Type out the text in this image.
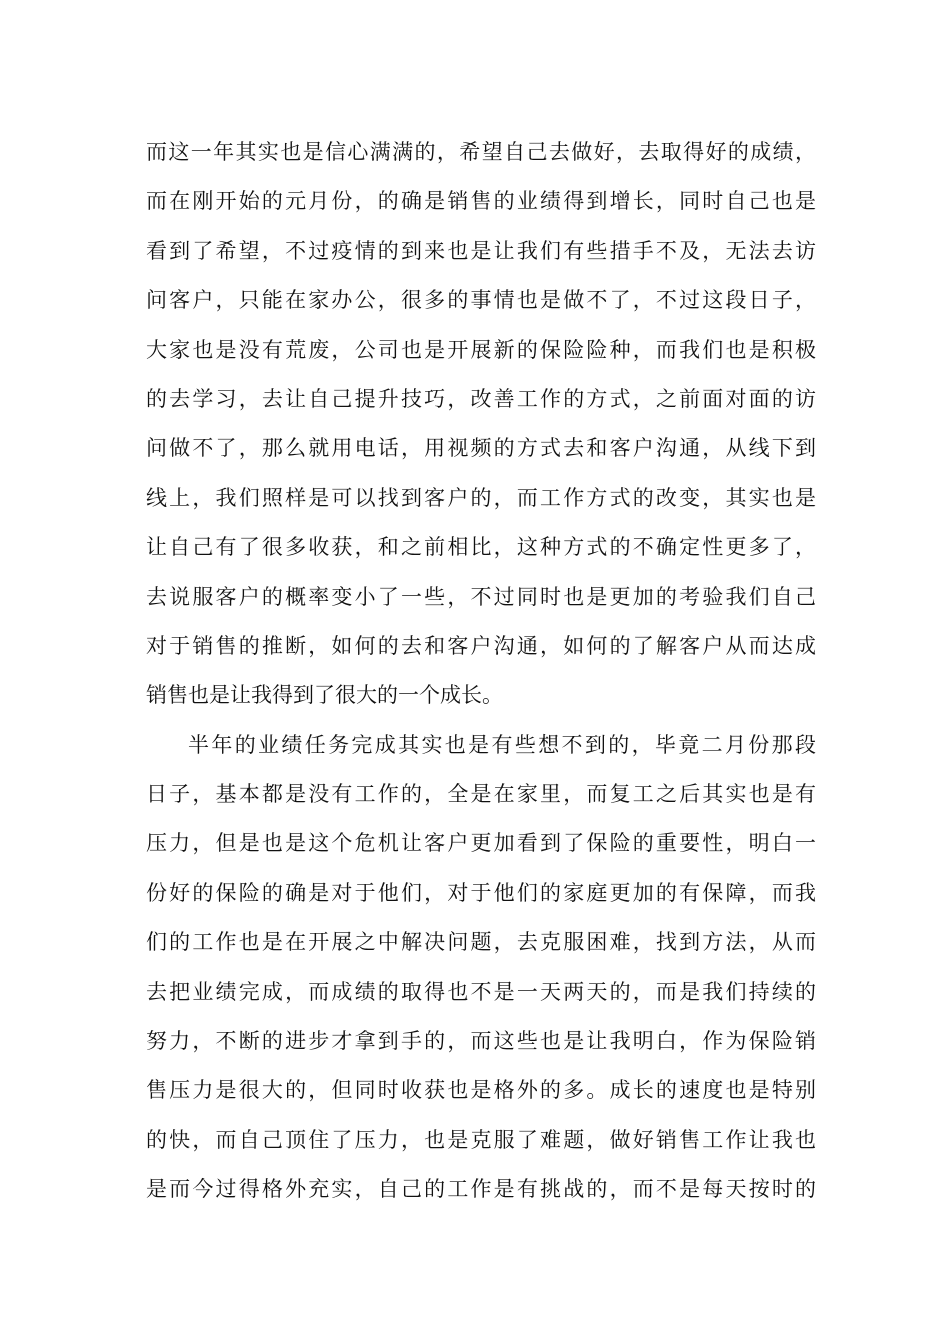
而这一年其实也是信心满满的，希望自己去做好，去取得好的成绩，
而在刚开始的元月份，的确是销售的业绩得到增长，同时自己也是
看到了希望，不过疫情的到来也是让我们有些措手不及，无法去访
问客户，只能在家办公，很多的事情也是做不了，不过这段日子，
大家也是没有荒废，公司也是开展新的保险险种，而我们也是积极
的去学习，去让自己提升技巧，改善工作的方式，之前面对面的访
问做不了，那么就用电话，用视频的方式去和客户沟通，从线下到
线上，我们照样是可以找到客户的，而工作方式的改变，其实也是
让自己有了很多收获，和之前相比，这种方式的不确定性更多了，
去说服客户的概率变小了一些，不过同时也是更加的考验我们自己
对于销售的推断，如何的去和客户沟通，如何的了解客户从而达成
销售也是让我得到了很大的一个成长。
半年的业绩任务完成其实也是有些想不到的，毕竟二月份那段
日子，基本都是没有工作的，全是在家里，而复工之后其实也是有
压力，但是也是这个危机让客户更加看到了保险的重要性，明白一
份好的保险的确是对于他们，对于他们的家庭更加的有保障，而我
们的工作也是在开展之中解决问题，去克服困难，找到方法，从而
去把业绩完成，而成绩的取得也不是一天两天的，而是我们持续的
努力，不断的进步才拿到手的，而这些也是让我明白，作为保险销
售压力是很大的，但同时收获也是格外的多。成长的速度也是特别
的快，而自己顶住了压力，也是克服了难题，做好销售工作让我也
是而今过得格外充实，自己的工作是有挑战的，而不是每天按时的
